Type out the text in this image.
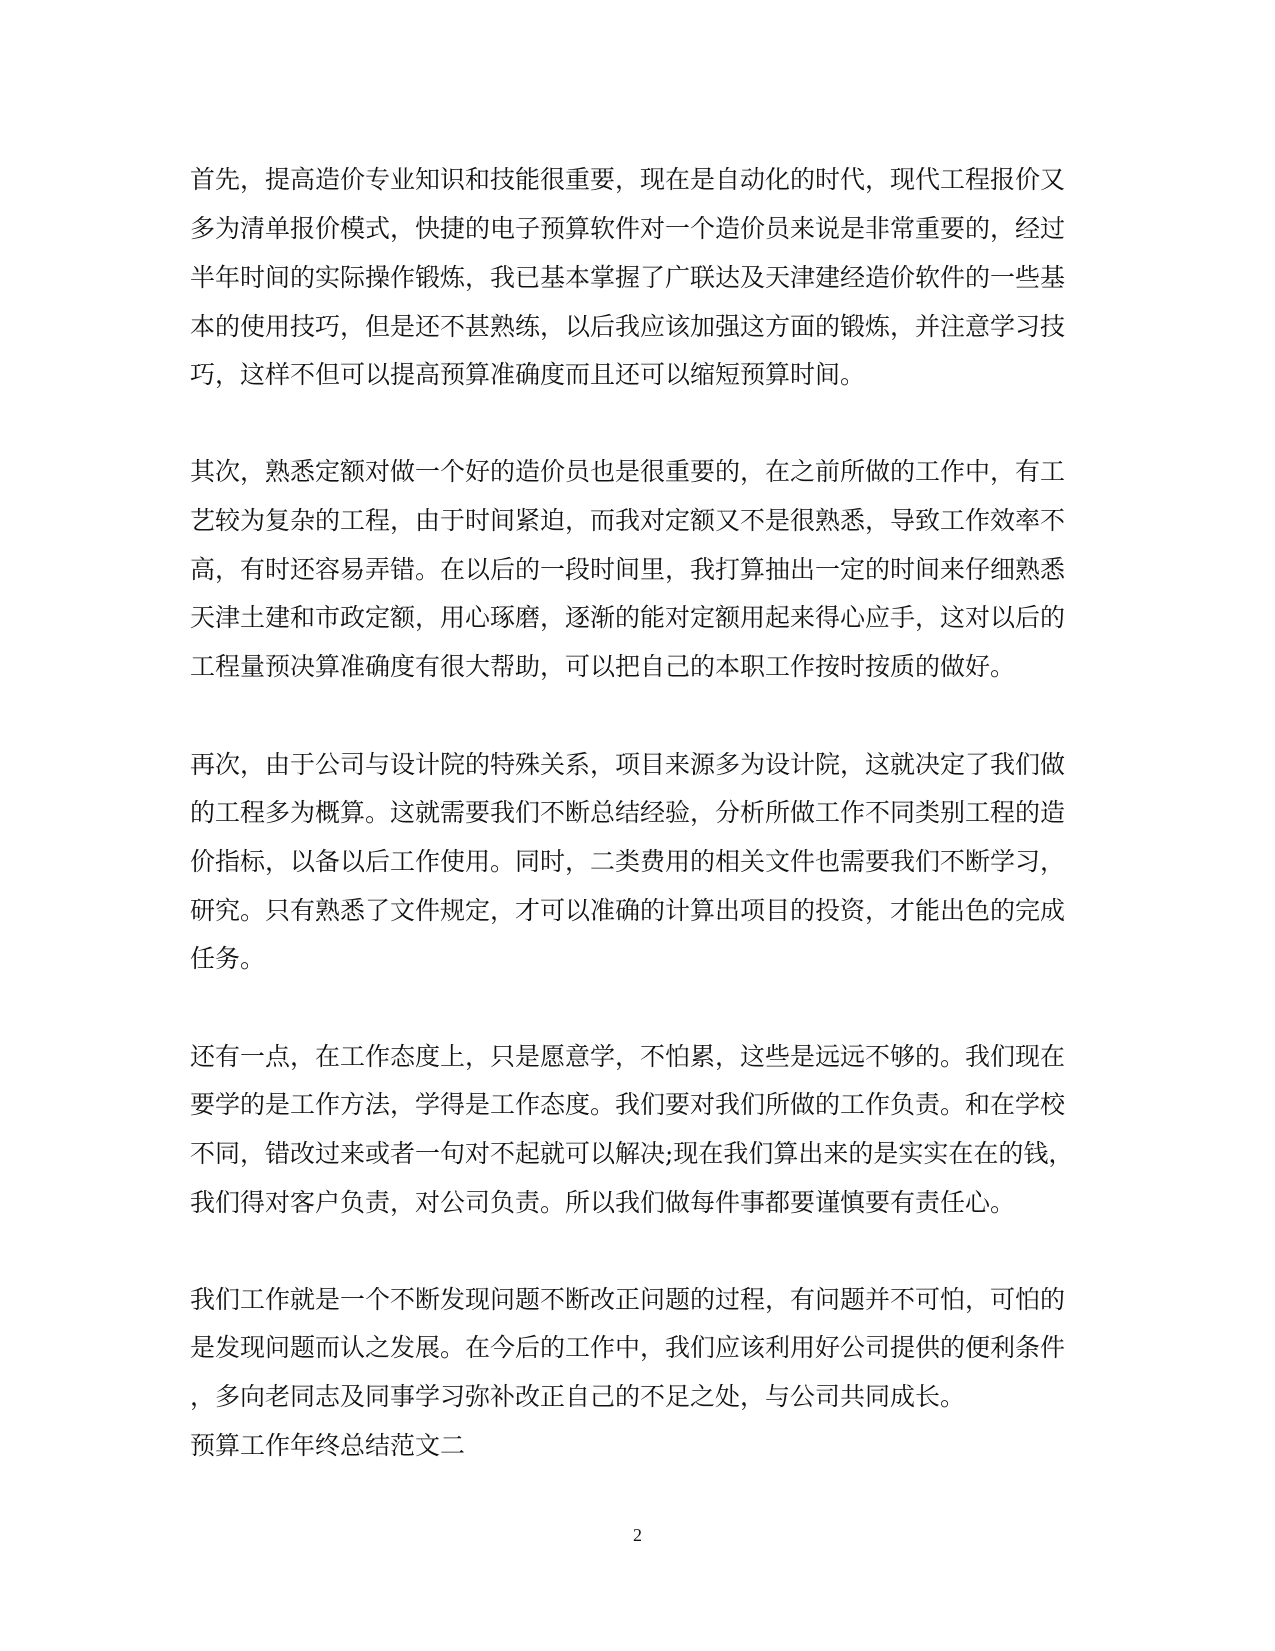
首先，提高造价专业知识和技能很重要，现在是自动化的时代，现代工程报价又

多为清单报价模式，快捷的电子预算软件对一个造价员来说是非常重要的，经过

半年时间的实际操作锻炼，我已基本掌握了广联达及天津建经造价软件的一些基

本的使用技巧，但是还不甚熟练，以后我应该加强这方面的锻炼，并注意学习技

巧，这样不但可以提高预算准确度而且还可以缩短预算时间。

其次，熟悉定额对做一个好的造价员也是很重要的，在之前所做的工作中，有工

艺较为复杂的工程，由于时间紧迫，而我对定额又不是很熟悉，导致工作效率不

高，有时还容易弄错。在以后的一段时间里，我打算抽出一定的时间来仔细熟悉

天津土建和市政定额，用心琢磨，逐渐的能对定额用起来得心应手，这对以后的

工程量预决算准确度有很大帮助，可以把自己的本职工作按时按质的做好。

再次，由于公司与设计院的特殊关系，项目来源多为设计院，这就决定了我们做

的工程多为概算。这就需要我们不断总结经验，分析所做工作不同类别工程的造

价指标，以备以后工作使用。同时，二类费用的相关文件也需要我们不断学习，

研究。只有熟悉了文件规定，才可以准确的计算出项目的投资，才能出色的完成

任务。

还有一点，在工作态度上，只是愿意学，不怕累，这些是远远不够的。我们现在

要学的是工作方法，学得是工作态度。我们要对我们所做的工作负责。和在学校

不同，错改过来或者一句对不起就可以解决;现在我们算出来的是实实在在的钱，

我们得对客户负责，对公司负责。所以我们做每件事都要谨慎要有责任心。

我们工作就是一个不断发现问题不断改正问题的过程，有问题并不可怕，可怕的

是发现问题而认之发展。在今后的工作中，我们应该利用好公司提供的便利条件

，多向老同志及同事学习弥补改正自己的不足之处，与公司共同成长。

预算工作年终总结范文二

2
